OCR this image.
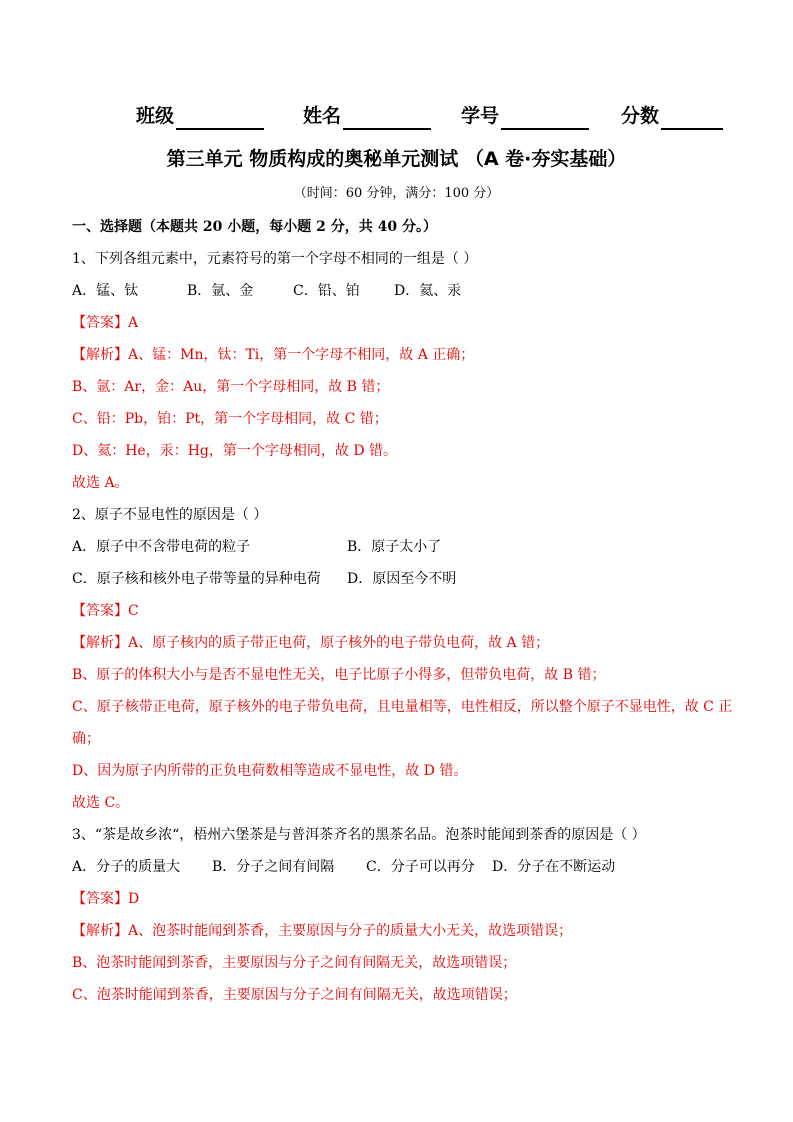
班级	姓名	学号	分数
第三单元 物质构成的奥秘单元测试 （A 卷·夯实基础）
（时间：60 分钟，满分：100 分）
一、选择题（本题共 20 小题，每小题 2 分，共 40 分。）
1、下列各组元素中，元素符号的第一个字母不相同的一组是（ ）
A．锰、钛	B．氩、金	C．铅、铂 D．氦、汞
【答案】A
【解析】A、锰：Mn，钛：Ti，第一个字母不相同，故 A 正确；
B、氩：Ar，金：Au，第一个字母相同，故 B 错；
C、铅：Pb，铂：Pt，第一个字母相同，故 C 错；
D、氦：He，汞：Hg，第一个字母相同，故 D 错。
故选 A。
2、原子不显电性的原因是（ ）
A．原子中不含带电荷的粒子	B．原子太小了
C．原子核和核外电子带等量的异种电荷 D．原因至今不明
【答案】C
【解析】A、原子核内的质子带正电荷，原子核外的电子带负电荷，故 A 错；
B、原子的体积大小与是否不显电性无关，电子比原子小得多，但带负电荷，故 B 错；
C、原子核带正电荷，原子核外的电子带负电荷，且电量相等，电性相反，所以整个原子不显电性，故 C 正
确；
D、因为原子内所带的正负电荷数相等造成不显电性，故 D 错。
故选 C。
3、“茶是故乡浓“，梧州六堡茶是与普洱茶齐名的黑茶名品。泡茶时能闻到茶香的原因是（ ）
A．分子的质量大 B．分子之间有间隔 C．分子可以再分 D．分子在不断运动
【答案】D
【解析】A、泡茶时能闻到茶香，主要原因与分子的质量大小无关，故选项错误；
B、泡茶时能闻到茶香，主要原因与分子之间有间隔无关，故选项错误；
C、泡茶时能闻到茶香，主要原因与分子之间有间隔无关，故选项错误；
